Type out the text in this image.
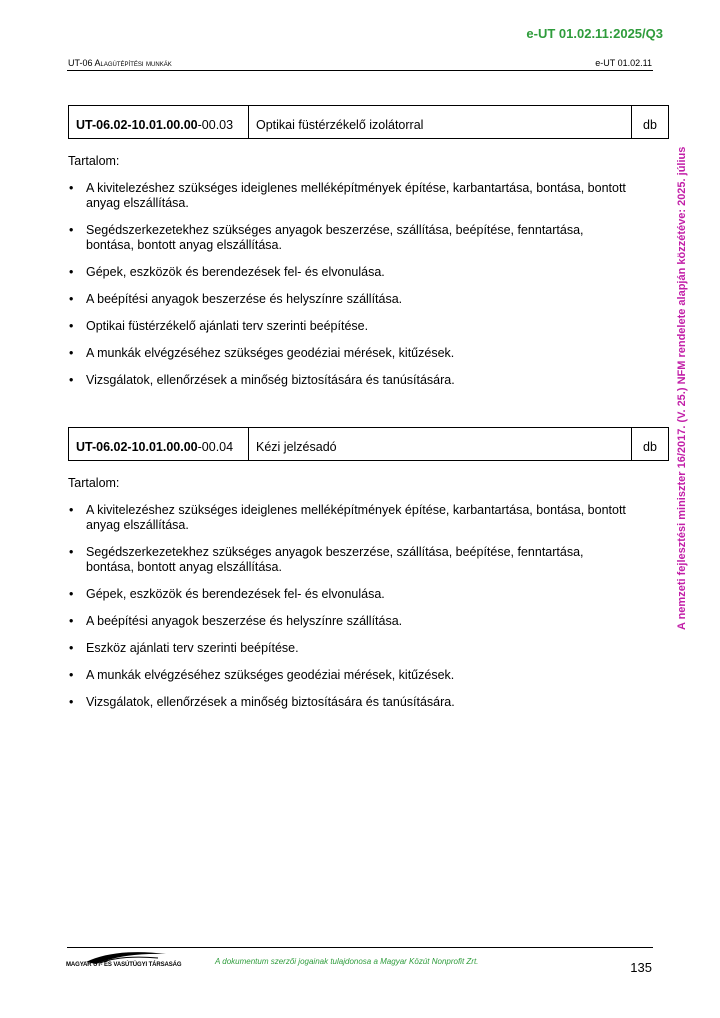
e-UT 01.02.11:2025/Q3
UT-06 Alagútépítési munkák	e-UT 01.02.11
A nemzeti fejlesztési miniszter 16/2017. (V. 25.) NFM rendelete alapján közzétéve: 2025. július
UT-06.02-10.01.00.00 -00.03	Optikai füstérzékelő izolátorral	db
Tartalom:
• A kivitelezéshez szükséges ideiglenes melléképítmények építése, karbantartása, bontása, bontott anyag elszállítása.
• Segédszerkezetekhez szükséges anyagok beszerzése, szállítása, beépítése, fenntartása, bontása, bontott anyag elszállítása.
• Gépek, eszközök és berendezések fel- és elvonulása.
• A beépítési anyagok beszerzése és helyszínre szállítása.
• Optikai füstérzékelő ajánlati terv szerinti beépítése.
• A munkák elvégzéséhez szükséges geodéziai mérések, kitűzések.
• Vizsgálatok, ellenőrzések a minőség biztosítására és tanúsítására.
UT-06.02-10.01.00.00 -00.04	Kézi jelzésadó	db
Tartalom:
• A kivitelezéshez szükséges ideiglenes melléképítmények építése, karbantartása, bontása, bontott anyag elszállítása.
• Segédszerkezetekhez szükséges anyagok beszerzése, szállítása, beépítése, fenntartása, bontása, bontott anyag elszállítása.
• Gépek, eszközök és berendezések fel- és elvonulása.
• A beépítési anyagok beszerzése és helyszínre szállítása.
• Eszköz ajánlati terv szerinti beépítése.
• A munkák elvégzéséhez szükséges geodéziai mérések, kitűzések.
• Vizsgálatok, ellenőrzések a minőség biztosítására és tanúsítására.
MAGYAR ÚT- ÉS VASÚTÜGYI TÁRSASÁG	A dokumentum szerzői jogainak tulajdonosa a Magyar Közút Nonprofit Zrt.	135
